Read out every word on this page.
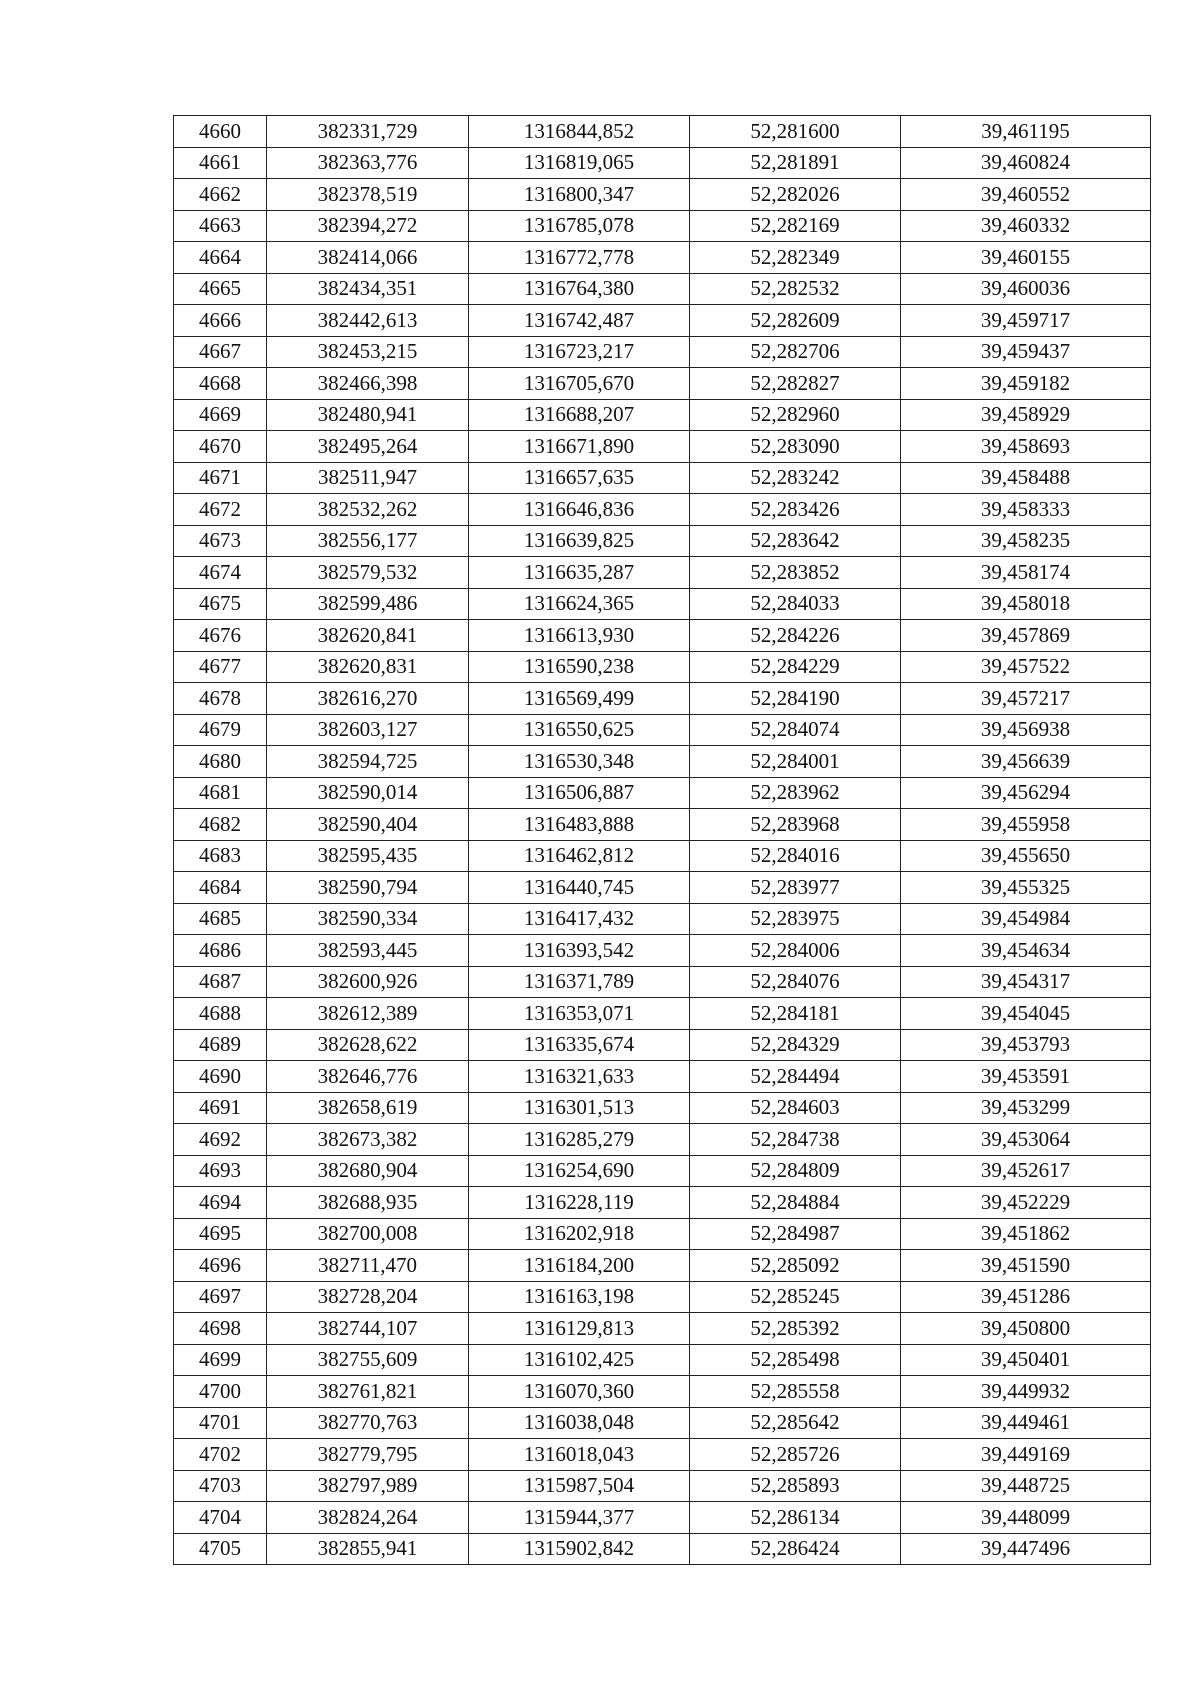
4660	382331,729	1316844,852	52,281600	39,461195
4661	382363,776	1316819,065	52,281891	39,460824
4662	382378,519	1316800,347	52,282026	39,460552
4663	382394,272	1316785,078	52,282169	39,460332
4664	382414,066	1316772,778	52,282349	39,460155
4665	382434,351	1316764,380	52,282532	39,460036
4666	382442,613	1316742,487	52,282609	39,459717
4667	382453,215	1316723,217	52,282706	39,459437
4668	382466,398	1316705,670	52,282827	39,459182
4669	382480,941	1316688,207	52,282960	39,458929
4670	382495,264	1316671,890	52,283090	39,458693
4671	382511,947	1316657,635	52,283242	39,458488
4672	382532,262	1316646,836	52,283426	39,458333
4673	382556,177	1316639,825	52,283642	39,458235
4674	382579,532	1316635,287	52,283852	39,458174
4675	382599,486	1316624,365	52,284033	39,458018
4676	382620,841	1316613,930	52,284226	39,457869
4677	382620,831	1316590,238	52,284229	39,457522
4678	382616,270	1316569,499	52,284190	39,457217
4679	382603,127	1316550,625	52,284074	39,456938
4680	382594,725	1316530,348	52,284001	39,456639
4681	382590,014	1316506,887	52,283962	39,456294
4682	382590,404	1316483,888	52,283968	39,455958
4683	382595,435	1316462,812	52,284016	39,455650
4684	382590,794	1316440,745	52,283977	39,455325
4685	382590,334	1316417,432	52,283975	39,454984
4686	382593,445	1316393,542	52,284006	39,454634
4687	382600,926	1316371,789	52,284076	39,454317
4688	382612,389	1316353,071	52,284181	39,454045
4689	382628,622	1316335,674	52,284329	39,453793
4690	382646,776	1316321,633	52,284494	39,453591
4691	382658,619	1316301,513	52,284603	39,453299
4692	382673,382	1316285,279	52,284738	39,453064
4693	382680,904	1316254,690	52,284809	39,452617
4694	382688,935	1316228,119	52,284884	39,452229
4695	382700,008	1316202,918	52,284987	39,451862
4696	382711,470	1316184,200	52,285092	39,451590
4697	382728,204	1316163,198	52,285245	39,451286
4698	382744,107	1316129,813	52,285392	39,450800
4699	382755,609	1316102,425	52,285498	39,450401
4700	382761,821	1316070,360	52,285558	39,449932
4701	382770,763	1316038,048	52,285642	39,449461
4702	382779,795	1316018,043	52,285726	39,449169
4703	382797,989	1315987,504	52,285893	39,448725
4704	382824,264	1315944,377	52,286134	39,448099
4705	382855,941	1315902,842	52,286424	39,447496
